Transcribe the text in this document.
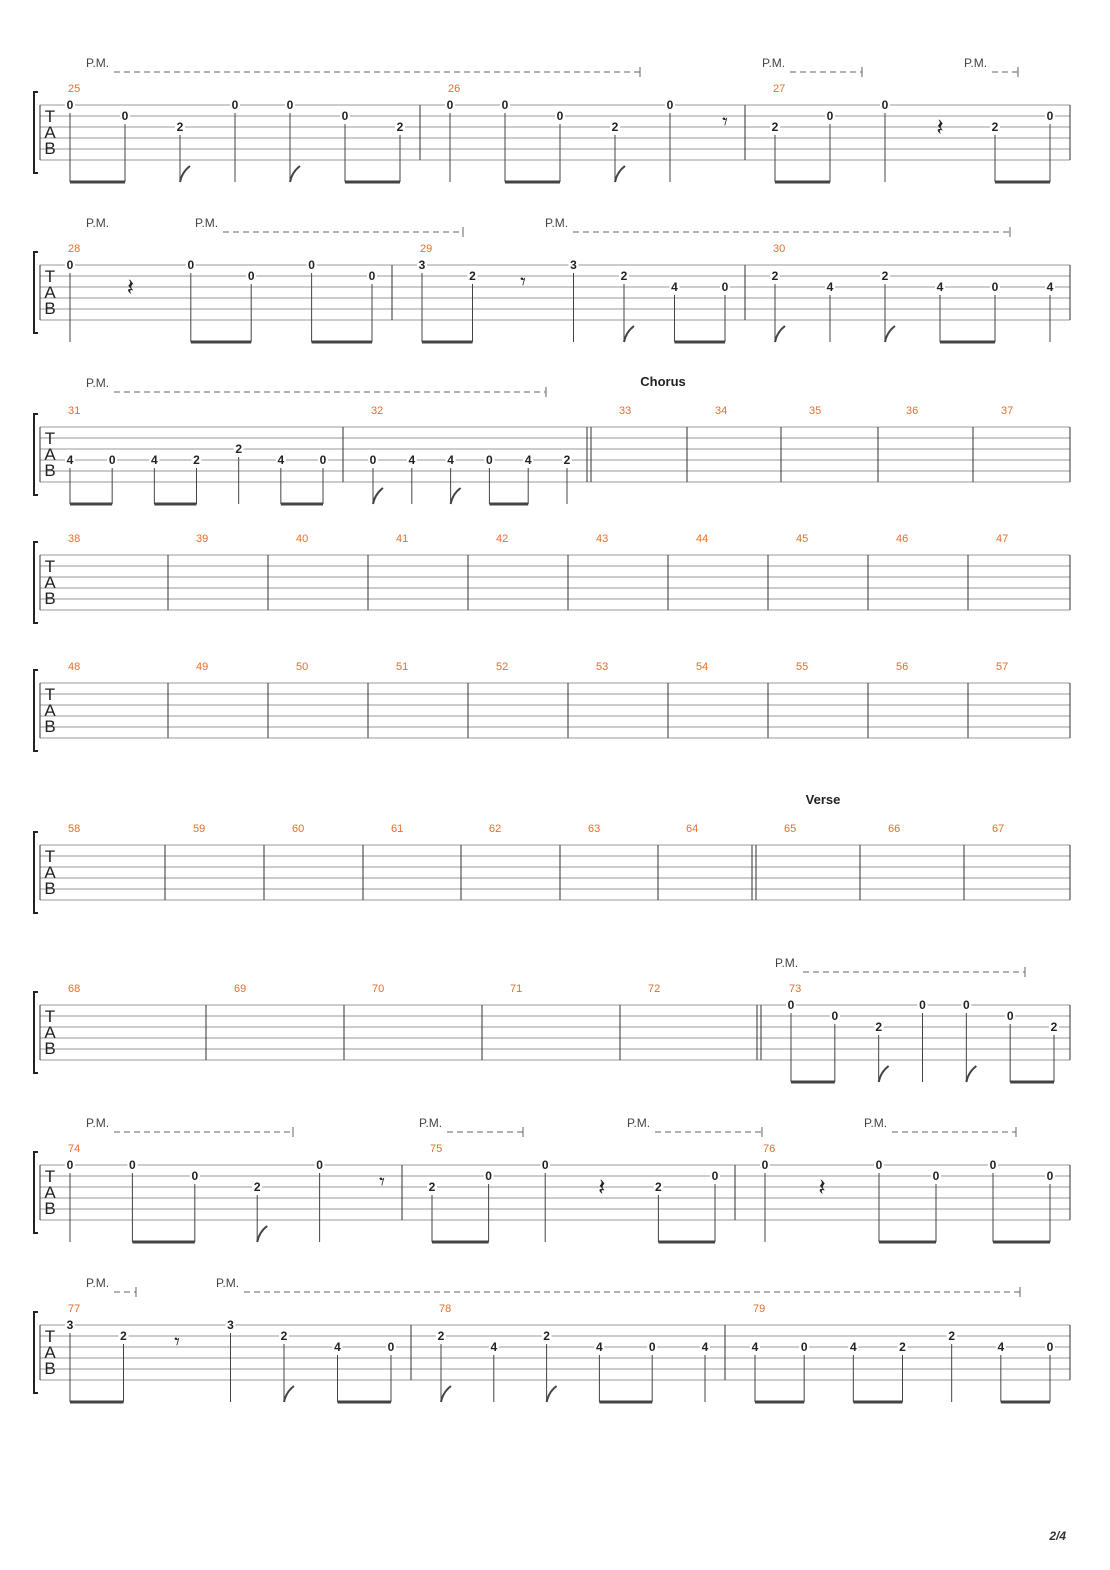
T
A
B
P.M.	P.M.	P.M.
25
0
0
2
0	0
0
2
26
0	0
0
2
0
𝄾
27
2
0
0
𝄽	2
0
T
A
B
P.M.	P.M.	P.M.
28
0
𝄽
0
0
0
0
29
3
2 𝄾
3
2
4	0
30
2
4
2
4	0	4
T
A
B
Chorus
P.M.
31
4	0	4	2
2
4	0
32
0	4	4	0	4	2
33	34	35	36	37
T
A
B
38	39	40	41	42	43	44	45	46	47
T
A
B
48	49	50	51	52	53	54	55	56	57
T
A
B
Verse
58	59	60	61	62	63	64	65	66	67
T
A
B
P.M.
68	69	70	71	72	73
0
0
2
0	0
0
2
T
A
B
P.M.	P.M.	P.M.	P.M.
74
0	0
0
2
0
𝄾
75
2
0
0
𝄽	2
0
76
0
𝄽
0
0
0
0
T
A
B
P.M.	P.M.
77
3
2 𝄾
3
2
4	0
78
2
4
2
4	0	4
79
4	0	4	2
2
4	0
2/4
